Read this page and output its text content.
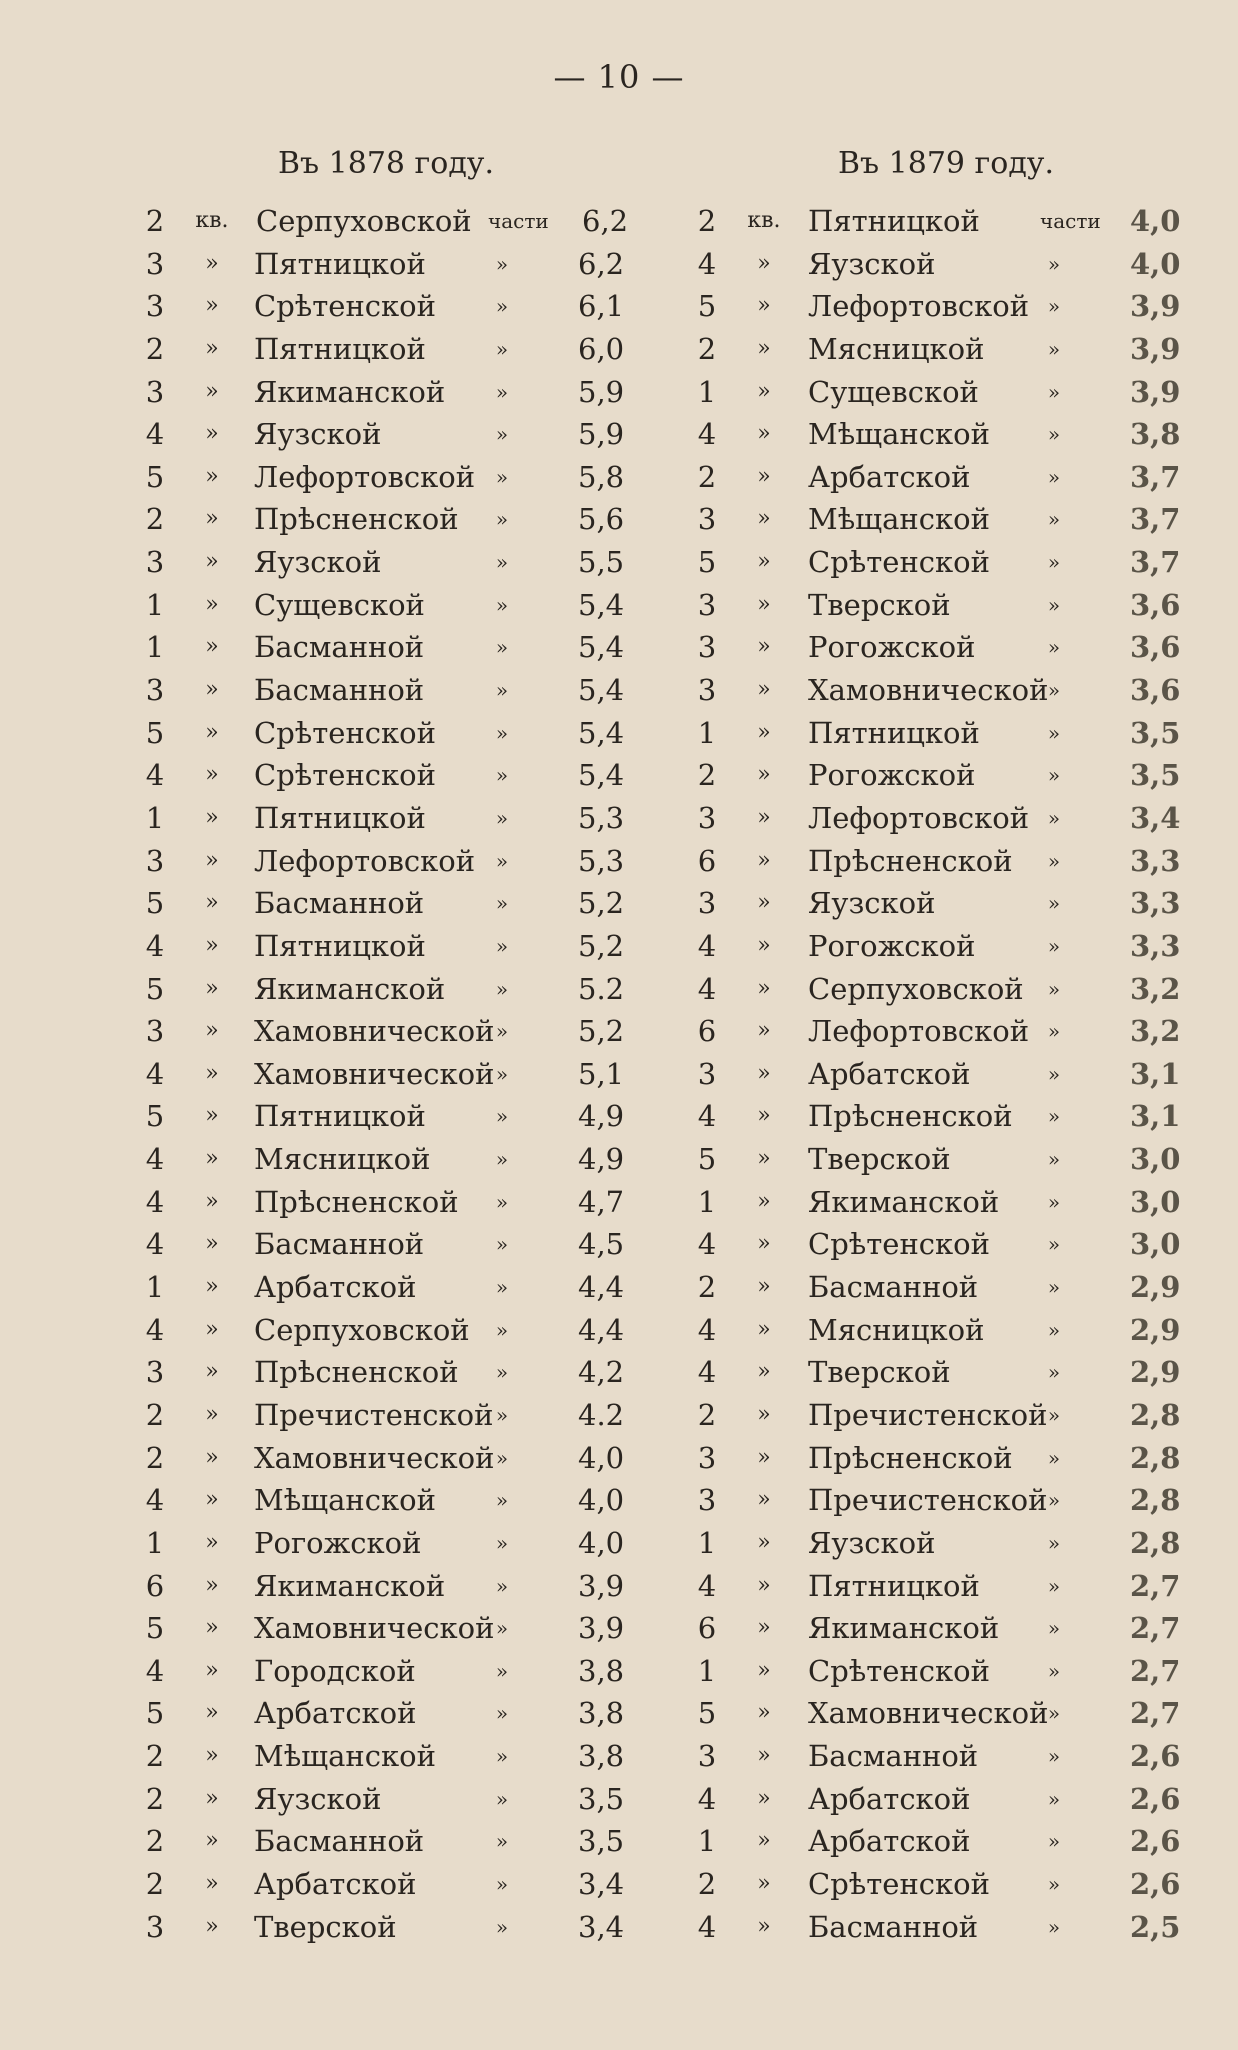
— 10 —
Въ 1878 году.	Въ 1879 году.
2	кв. Серпуховской части 6,2
3	»	Пятницкой	» 6,2
3	»	Срѣтенской	» 6,1
2	»	Пятницкой	» 6,0
3	»	Якиманской	» 5,9
4	»	Яузской	» 5,9
5	»	Лефортовской	» 5,8
2	»	Прѣсненской	» 5,6
3	»	Яузской	» 5,5
1	»	Сущевской	» 5,4
1	»	Басманной	» 5,4
3	»	Басманной	» 5,4
5	»	Срѣтенской	» 5,4
4	»	Срѣтенской	» 5,4
1	»	Пятницкой	» 5,3
3	»	Лефортовской	» 5,3
5	»	Басманной	» 5,2
4	»	Пятницкой	» 5,2
5	»	Якиманской	» 5.2
3	»	Хамовнической » 5,2
4	»	Хамовнической » 5,1
5	»	Пятницкой	» 4,9
4	»	Мясницкой	» 4,9
4	»	Прѣсненской	» 4,7
4	»	Басманной	» 4,5
1	»	Арбатской	» 4,4
4	»	Серпуховской	» 4,4
3	»	Прѣсненской	» 4,2
2	»	Пречистенской » 4.2
2	»	Хамовнической » 4,0
4	»	Мѣщанской	» 4,0
1	»	Рогожской	» 4,0
6	»	Якиманской	» 3,9
5	»	Хамовнической » 3,9
4	»	Городской	» 3,8
5	»	Арбатской	» 3,8
2	»	Мѣщанской	» 3,8
2	»	Яузской	» 3,5
2	»	Басманной	» 3,5
2	»	Арбатской	» 3,4
3	»	Тверской	» 3,4
2	кв. Пятницкой	части 4,0
4	»	Яузской	» 4,0
5	»	Лефортовской » 3,9
2	»	Мясницкой	» 3,9
1	»	Сущевской	» 3,9
4	»	Мѣщанской	» 3,8
2	»	Арбатской	» 3,7
3	»	Мѣщанской	» 3,7
5	»	Срѣтенской	» 3,7
3	»	Тверской	» 3,6
3	»	Рогожской	» 3,6
3	»	Хамовнической » 3,6
1	»	Пятницкой	» 3,5
2	»	Рогожской	» 3,5
3	»	Лефортовской » 3,4
6	»	Прѣсненской	» 3,3
3	»	Яузской	» 3,3
4	»	Рогожской	» 3,3
4	»	Серпуховской	» 3,2
6	»	Лефортовской » 3,2
3	»	Арбатской	» 3,1
4	»	Прѣсненской	» 3,1
5	»	Тверской	» 3,0
1	»	Якиманской	» 3,0
4	»	Срѣтенской	» 3,0
2	»	Басманной	» 2,9
4	»	Мясницкой	» 2,9
4	»	Тверской	» 2,9
2	»	Пречистенской » 2,8
3	»	Прѣсненской	» 2,8
3	»	Пречистенской » 2,8
1	»	Яузской	» 2,8
4	»	Пятницкой	» 2,7
6	»	Якиманской	» 2,7
1	»	Срѣтенской	» 2,7
5	»	Хамовнической » 2,7
3	»	Басманной	» 2,6
4	»	Арбатской	» 2,6
1	»	Арбатской	» 2,6
2	»	Срѣтенской	» 2,6
4	»	Басманной	» 2,5
